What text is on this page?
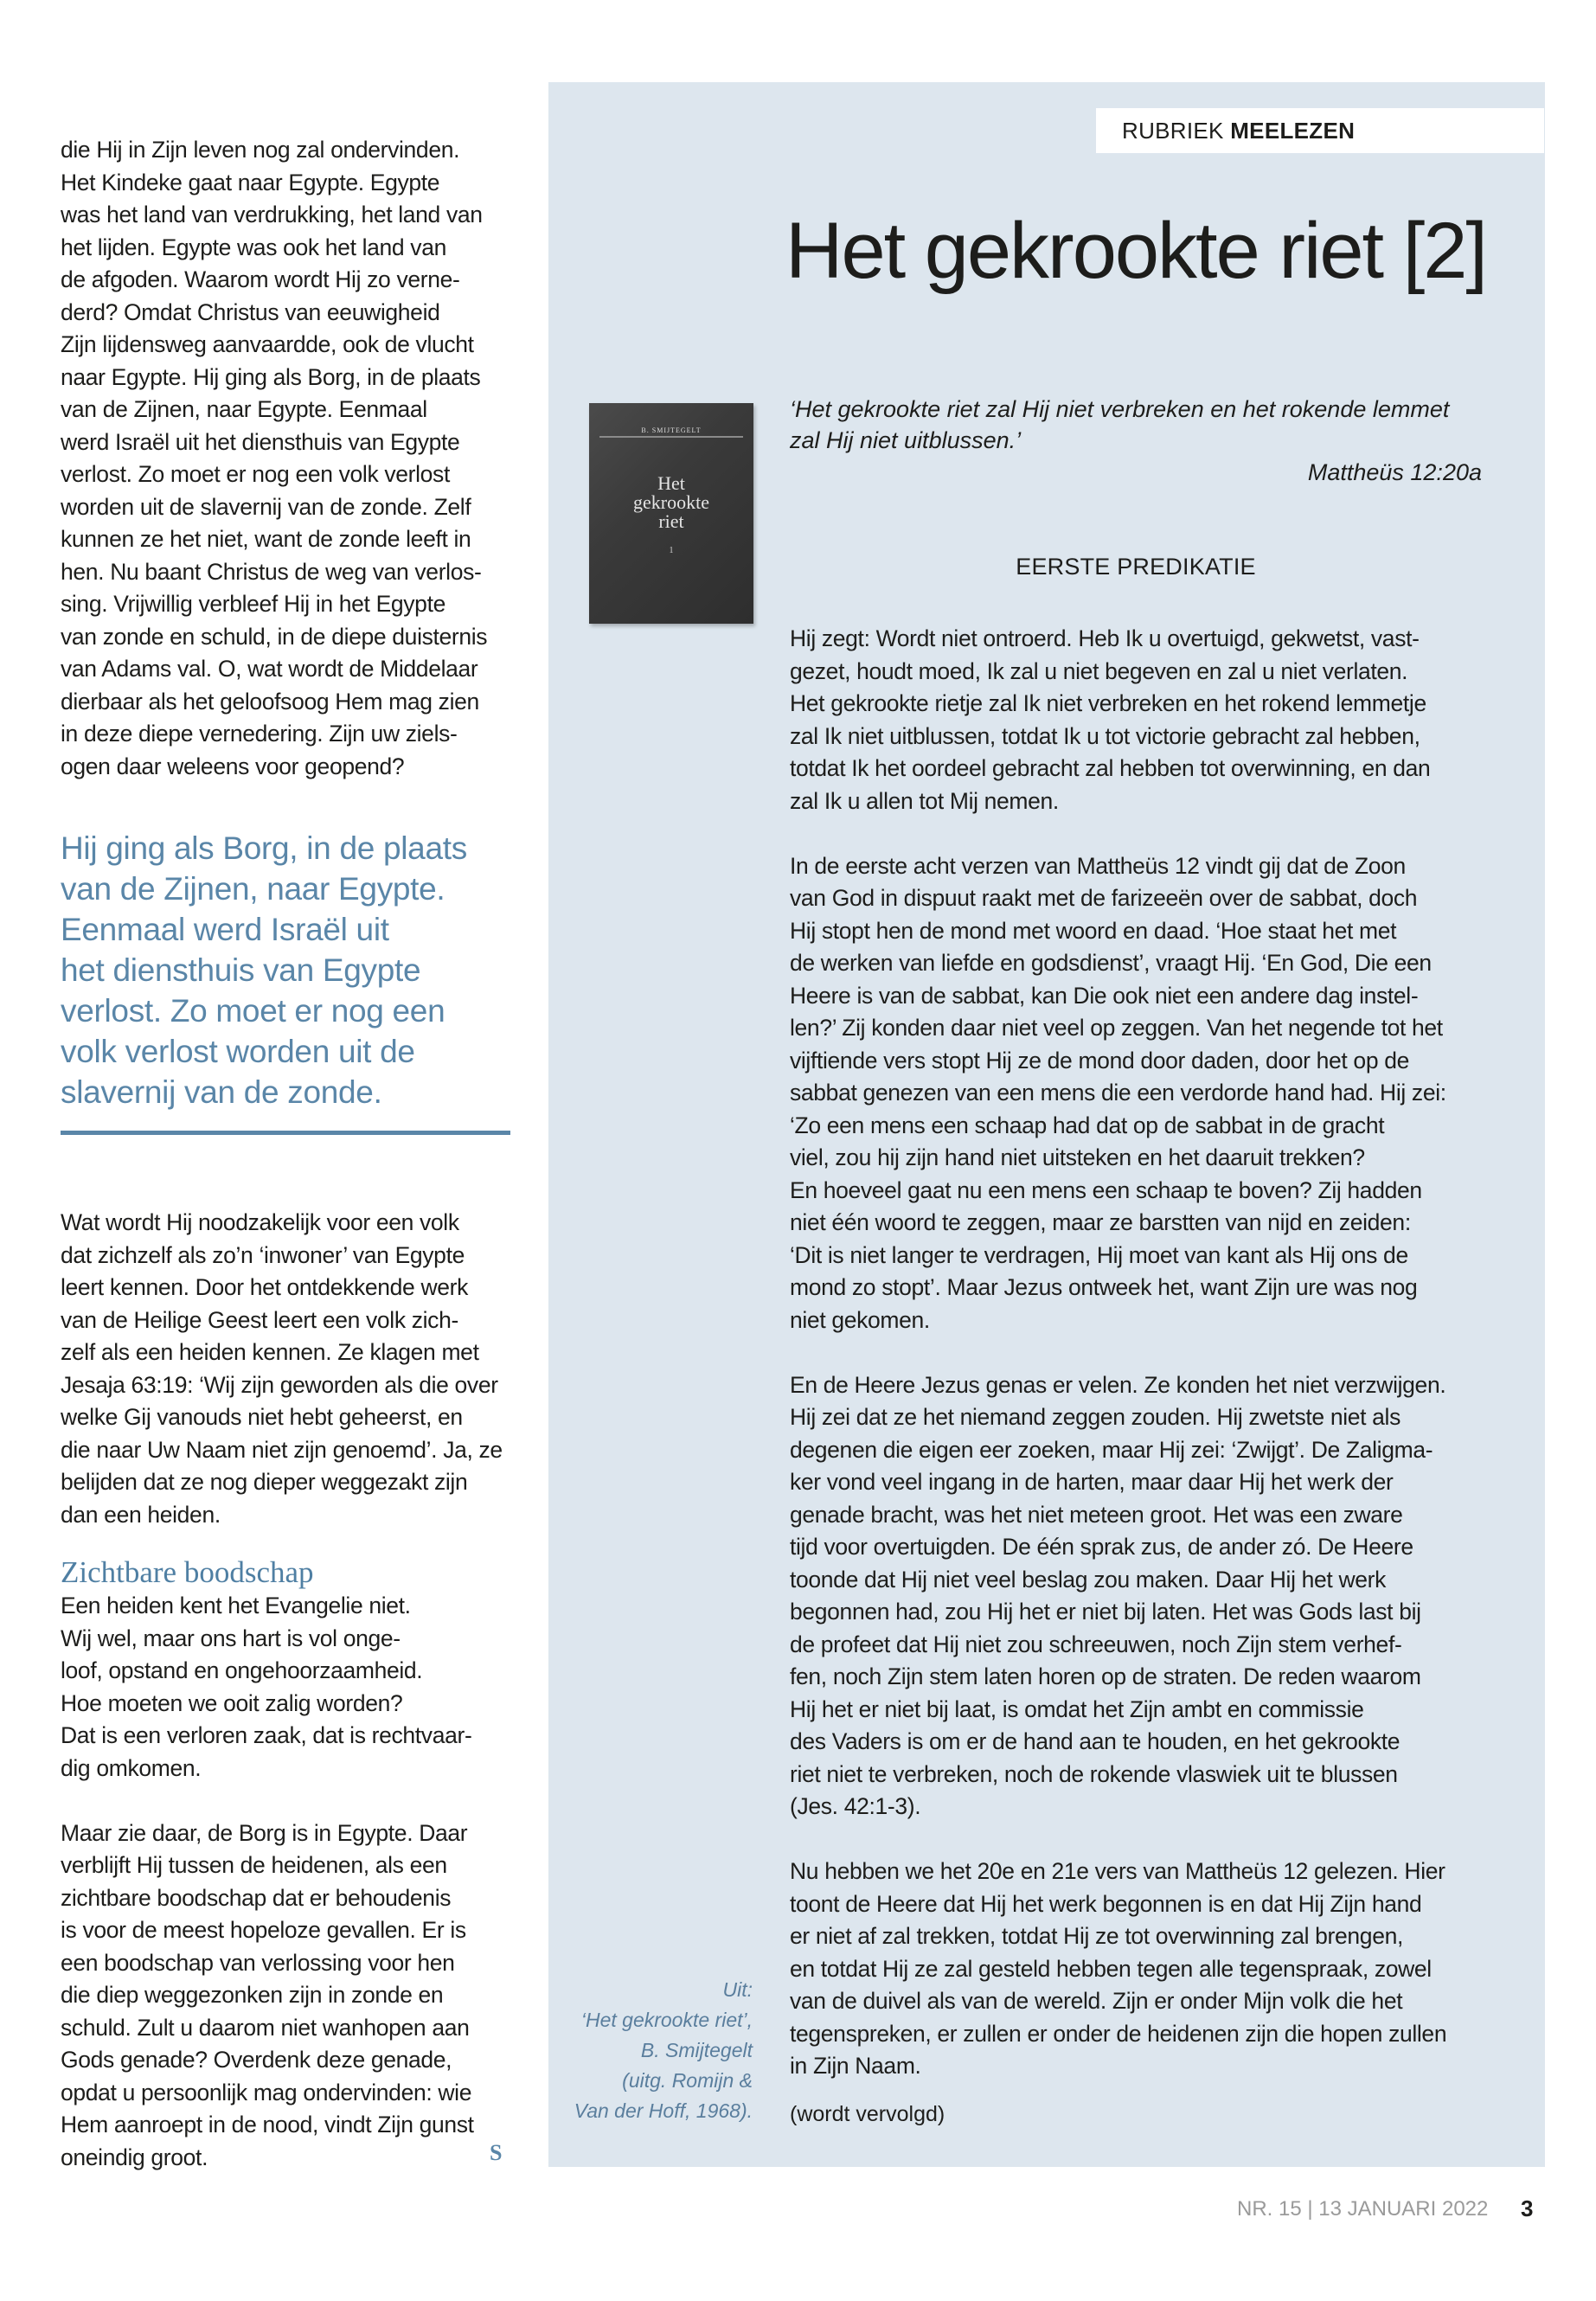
die Hij in Zijn leven nog zal ondervinden.
Het Kindeke gaat naar Egypte. Egypte
was het land van verdrukking, het land van
het lijden. Egypte was ook het land van
de afgoden. Waarom wordt Hij zo verne-
derd? Omdat Christus van eeuwigheid
Zijn lijdensweg aanvaardde, ook de vlucht
naar Egypte. Hij ging als Borg, in de plaats
van de Zijnen, naar Egypte. Eenmaal
werd Israël uit het diensthuis van Egypte
verlost. Zo moet er nog een volk verlost
worden uit de slavernij van de zonde. Zelf
kunnen ze het niet, want de zonde leeft in
hen. Nu baant Christus de weg van verlos-
sing. Vrijwillig verbleef Hij in het Egypte
van zonde en schuld, in de diepe duisternis
van Adams val. O, wat wordt de Middelaar
dierbaar als het geloofsoog Hem mag zien
in deze diepe vernedering. Zijn uw ziels-
ogen daar weleens voor geopend?
Hij ging als Borg, in de plaats
van de Zijnen, naar Egypte.
Eenmaal werd Israël uit
het diensthuis van Egypte
verlost. Zo moet er nog een
volk verlost worden uit de
slavernij van de zonde.
Wat wordt Hij noodzakelijk voor een volk
dat zichzelf als zo’n ‘inwoner’ van Egypte
leert kennen. Door het ontdekkende werk
van de Heilige Geest leert een volk zich-
zelf als een heiden kennen. Ze klagen met
Jesaja 63:19: ‘Wij zijn geworden als die over
welke Gij vanouds niet hebt geheerst, en
die naar Uw Naam niet zijn genoemd’. Ja, ze
belijden dat ze nog dieper weggezakt zijn
dan een heiden.
Zichtbare boodschap
Een heiden kent het Evangelie niet.
Wij wel, maar ons hart is vol onge-
loof, opstand en ongehoorzaamheid.
Hoe moeten we ooit zalig worden?
Dat is een verloren zaak, dat is rechtvaar-
dig omkomen.
Maar zie daar, de Borg is in Egypte. Daar
verblijft Hij tussen de heidenen, als een
zichtbare boodschap dat er behoudenis
is voor de meest hopeloze gevallen. Er is
een boodschap van verlossing voor hen
die diep weggezonken zijn in zonde en
schuld. Zult u daarom niet wanhopen aan
Gods genade? Overdenk deze genade,
opdat u persoonlijk mag ondervinden: wie
Hem aanroept in de nood, vindt Zijn gunst
oneindig groot.	S
RUBRIEK MEELEZEN
Het gekrookte riet [2]
B. SMIJTEGELT
Het
gekrookte
riet
1
‘Het gekrookte riet zal Hij niet verbreken en het rokende lemmet
zal Hij niet uitblussen.’
Mattheüs 12:20a
EERSTE PREDIKATIE
Hij zegt: Wordt niet ontroerd. Heb Ik u overtuigd, gekwetst, vast-
gezet, houdt moed, Ik zal u niet begeven en zal u niet verlaten.
Het gekrookte rietje zal Ik niet verbreken en het rokend lemmetje
zal Ik niet uitblussen, totdat Ik u tot victorie gebracht zal hebben,
totdat Ik het oordeel gebracht zal hebben tot overwinning, en dan
zal Ik u allen tot Mij nemen.
In de eerste acht verzen van Mattheüs 12 vindt gij dat de Zoon
van God in dispuut raakt met de farizeeën over de sabbat, doch
Hij stopt hen de mond met woord en daad. ‘Hoe staat het met
de werken van liefde en godsdienst’, vraagt Hij. ‘En God, Die een
Heere is van de sabbat, kan Die ook niet een andere dag instel-
len?’ Zij konden daar niet veel op zeggen. Van het negende tot het
vijftiende vers stopt Hij ze de mond door daden, door het op de
sabbat genezen van een mens die een verdorde hand had. Hij zei:
‘Zo een mens een schaap had dat op de sabbat in de gracht
viel, zou hij zijn hand niet uitsteken en het daaruit trekken?
En hoeveel gaat nu een mens een schaap te boven? Zij hadden
niet één woord te zeggen, maar ze barstten van nijd en zeiden:
‘Dit is niet langer te verdragen, Hij moet van kant als Hij ons de
mond zo stopt’. Maar Jezus ontweek het, want Zijn ure was nog
niet gekomen.
En de Heere Jezus genas er velen. Ze konden het niet verzwijgen.
Hij zei dat ze het niemand zeggen zouden. Hij zwetste niet als
degenen die eigen eer zoeken, maar Hij zei: ‘Zwijgt’. De Zaligma-
ker vond veel ingang in de harten, maar daar Hij het werk der
genade bracht, was het niet meteen groot. Het was een zware
tijd voor overtuigden. De één sprak zus, de ander zó. De Heere
toonde dat Hij niet veel beslag zou maken. Daar Hij het werk
begonnen had, zou Hij het er niet bij laten. Het was Gods last bij
de profeet dat Hij niet zou schreeuwen, noch Zijn stem verhef-
fen, noch Zijn stem laten horen op de straten. De reden waarom
Hij het er niet bij laat, is omdat het Zijn ambt en commissie
des Vaders is om er de hand aan te houden, en het gekrookte
riet niet te verbreken, noch de rokende vlaswiek uit te blussen
(Jes. 42:1-3).
Nu hebben we het 20e en 21e vers van Mattheüs 12 gelezen. Hier
toont de Heere dat Hij het werk begonnen is en dat Hij Zijn hand
er niet af zal trekken, totdat Hij ze tot overwinning zal brengen,
en totdat Hij ze zal gesteld hebben tegen alle tegenspraak, zowel
van de duivel als van de wereld. Zijn er onder Mijn volk die het
tegenspreken, er zullen er onder de heidenen zijn die hopen zullen
in Zijn Naam.
(wordt vervolgd)
Uit:
‘Het gekrookte riet’,
B. Smijtegelt
(uitg. Romijn &
Van der Hoff, 1968).
NR. 15 | 13 JANUARI 2022 3
